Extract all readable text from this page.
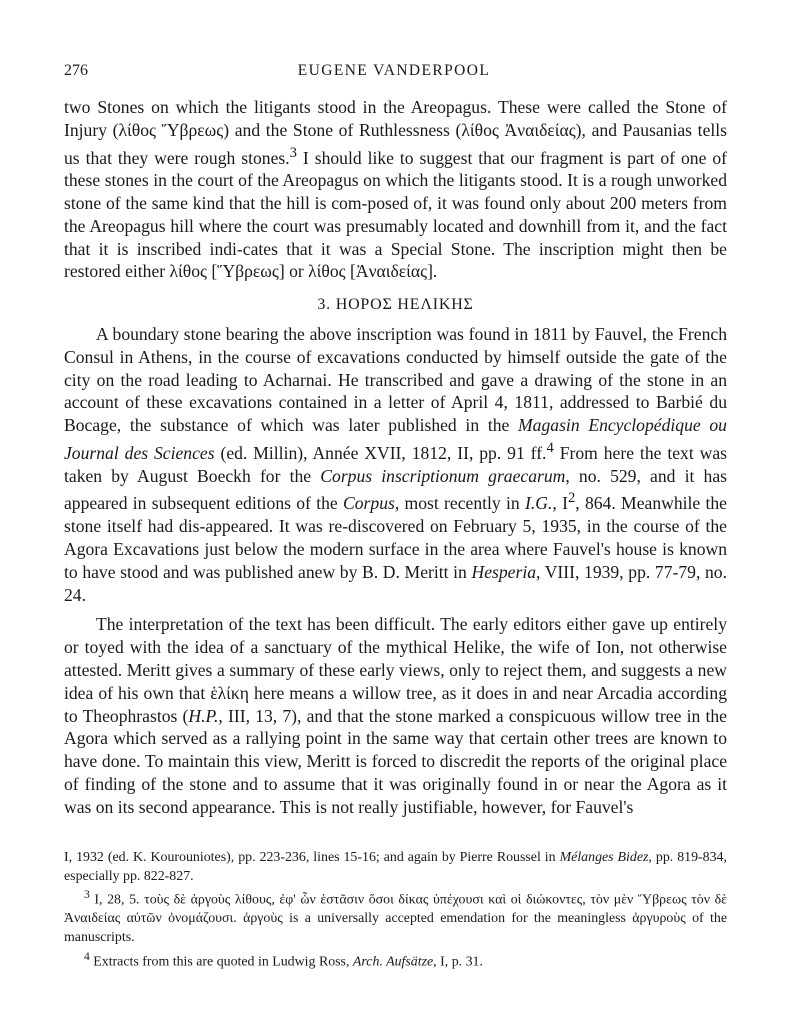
276	EUGENE VANDERPOOL

two Stones on which the litigants stood in the Areopagus. These were called the Stone of Injury (λίθος Ὕβρεως) and the Stone of Ruthlessness (λίθος Ἀναιδείας), and Pausanias tells us that they were rough stones.$^3$ I should like to suggest that our fragment is part of one of these stones in the court of the Areopagus on which the litigants stood. It is a rough unworked stone of the same kind that the hill is com-posed of, it was found only about 200 meters from the Areopagus hill where the court was presumably located and downhill from it, and the fact that it is inscribed indi-cates that it was a Special Stone. The inscription might then be restored either λίθος [Ὕβρεως] or λίθος [Ἀναιδείας].

3. ΗΟΡΟΣ ΗΕΛΙΚΗΣ

A boundary stone bearing the above inscription was found in 1811 by Fauvel, the French Consul in Athens, in the course of excavations conducted by himself outside the gate of the city on the road leading to Acharnai. He transcribed and gave a drawing of the stone in an account of these excavations contained in a letter of April 4, 1811, addressed to Barbié du Bocage, the substance of which was later published in the Magasin Encyclopédique ou Journal des Sciences (ed. Millin), Année XVII, 1812, II, pp. 91 ff.$^4$ From here the text was taken by August Boeckh for the Corpus inscriptionum graecarum, no. 529, and it has appeared in subsequent editions of the Corpus, most recently in I.G., $I^2$, 864. Meanwhile the stone itself had dis-appeared. It was re-discovered on February 5, 1935, in the course of the Agora Excavations just below the modern surface in the area where Fauvel's house is known to have stood and was published anew by B. D. Meritt in Hesperia, VIII, 1939, pp. 77-79, no. 24.

The interpretation of the text has been difficult. The early editors either gave up entirely or toyed with the idea of a sanctuary of the mythical Helike, the wife of Ion, not otherwise attested. Meritt gives a summary of these early views, only to reject them, and suggests a new idea of his own that ἑλίκη here means a willow tree, as it does in and near Arcadia according to Theophrastos (H.P., III, 13, 7), and that the stone marked a conspicuous willow tree in the Agora which served as a rallying point in the same way that certain other trees are known to have done. To maintain this view, Meritt is forced to discredit the reports of the original place of finding of the stone and to assume that it was originally found in or near the Agora as it was on its second appearance. This is not really justifiable, however, for Fauvel's

I, 1932 (ed. K. Kourouniotes), pp. 223-236, lines 15-16; and again by Pierre Roussel in Mélanges Bidez, pp. 819-834, especially pp. 822-827.

$^3$ I, 28, 5. τοὺς δὲ ἀργοὺς λίθους, ἐφ' ὧν ἑστᾶσιν ὅσοι δίκας ὑπέχουσι καὶ οἱ διώκοντες, τὸν μὲν Ὕβρεως τὸν δὲ Ἀναιδείας αὐτῶν ὀνομάζουσι. ἀργοὺς is a universally accepted emendation for the meaningless ἀργυροὺς of the manuscripts.

$^4$ Extracts from this are quoted in Ludwig Ross, Arch. Aufsätze, I, p. 31.
